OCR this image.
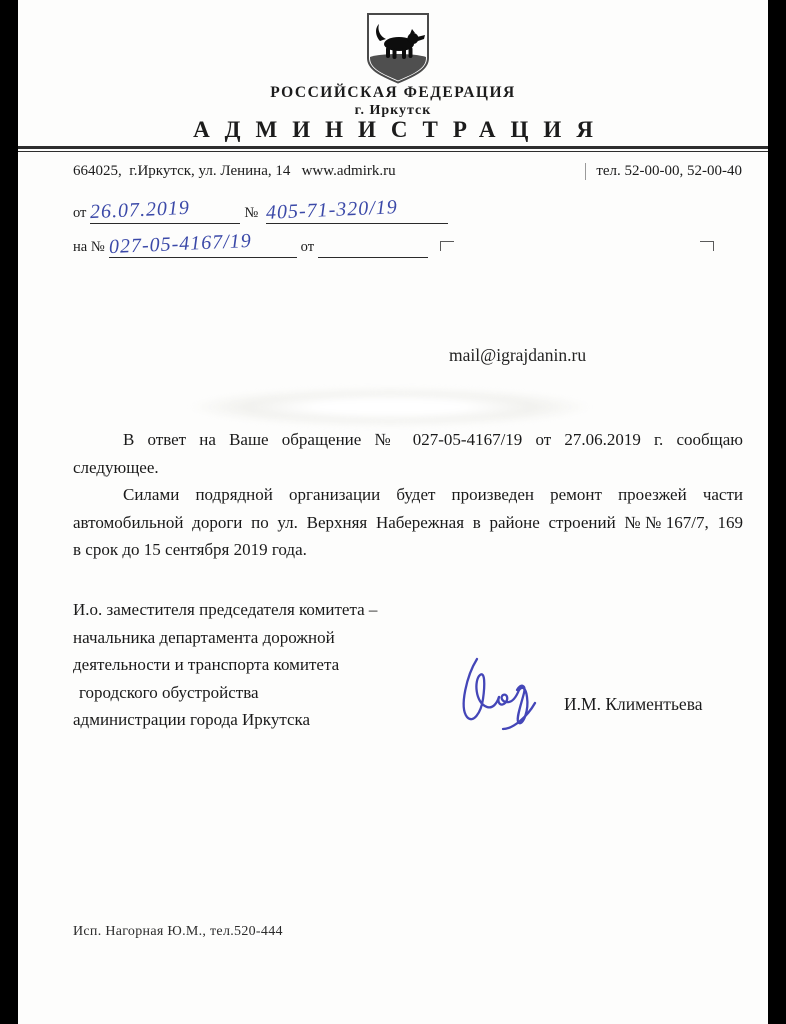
РОССИЙСКАЯ ФЕДЕРАЦИЯ
г. Иркутск
АДМИНИСТРАЦИЯ
664025,  г.Иркутск, ул. Ленина, 14   www.admirk.ru	тел. 52-00-00, 52-00-40
от 26.07.2019	№ 405-71-320/19
на № 027-05-4167/19	от
mail@igrajdanin.ru
В ответ на Ваше обращение № 027-05-4167/19 от 27.06.2019 г. сообщаю
следующее.
Силами подрядной организации будет произведен ремонт проезжей части
автомобильной дороги по ул. Верхняя Набережная в районе строений №№167/7, 169
в срок до 15 сентября 2019 года.
И.о. заместителя председателя комитета –
начальника департамента дорожной
деятельности и транспорта комитета
городского обустройства
администрации города Иркутска
И.М. Климентьева
Исп. Нагорная Ю.М., тел.520-444
